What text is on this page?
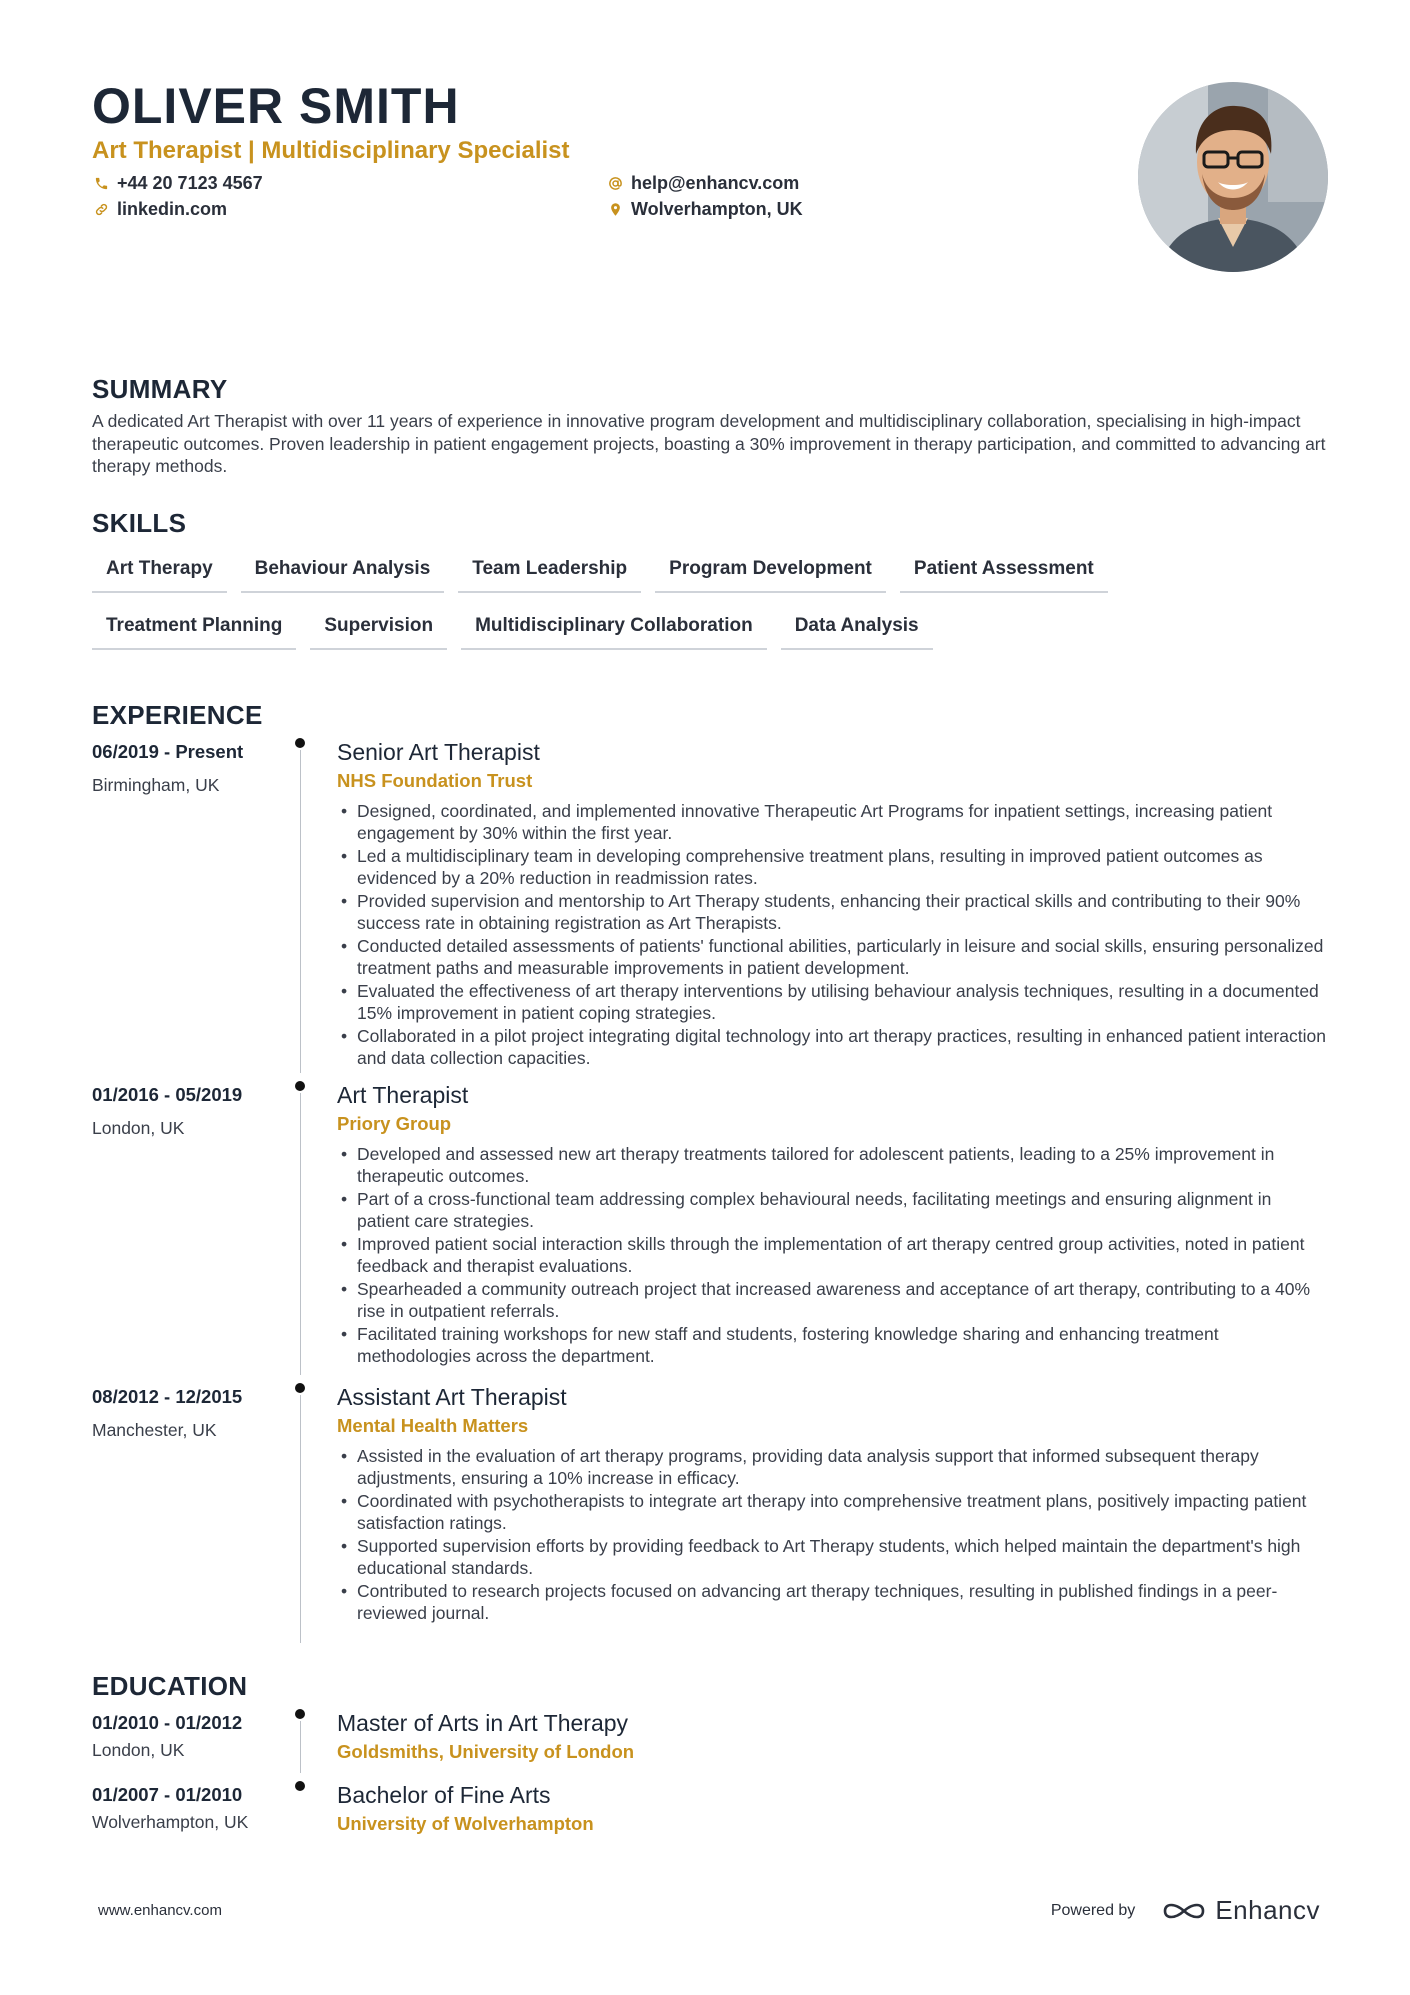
OLIVER SMITH
Art Therapist | Multidisciplinary Specialist
+44 20 7123 4567	help@enhancv.com
linkedin.com	Wolverhampton, UK
SUMMARY
A dedicated Art Therapist with over 11 years of experience in innovative program development and multidisciplinary collaboration, specialising in high-impact therapeutic outcomes. Proven leadership in patient engagement projects, boasting a 30% improvement in therapy participation, and committed to advancing art therapy methods.
SKILLS
Art Therapy	Behaviour Analysis	Team Leadership	Program Development	Patient Assessment
Treatment Planning	Supervision	Multidisciplinary Collaboration	Data Analysis
EXPERIENCE
06/2019 - Present
Birmingham, UK
Senior Art Therapist
NHS Foundation Trust
• Designed, coordinated, and implemented innovative Therapeutic Art Programs for inpatient settings, increasing patient engagement by 30% within the first year.
• Led a multidisciplinary team in developing comprehensive treatment plans, resulting in improved patient outcomes as evidenced by a 20% reduction in readmission rates.
• Provided supervision and mentorship to Art Therapy students, enhancing their practical skills and contributing to their 90% success rate in obtaining registration as Art Therapists.
• Conducted detailed assessments of patients' functional abilities, particularly in leisure and social skills, ensuring personalized treatment paths and measurable improvements in patient development.
• Evaluated the effectiveness of art therapy interventions by utilising behaviour analysis techniques, resulting in a documented 15% improvement in patient coping strategies.
• Collaborated in a pilot project integrating digital technology into art therapy practices, resulting in enhanced patient interaction and data collection capacities.
01/2016 - 05/2019
London, UK
Art Therapist
Priory Group
• Developed and assessed new art therapy treatments tailored for adolescent patients, leading to a 25% improvement in therapeutic outcomes.
• Part of a cross-functional team addressing complex behavioural needs, facilitating meetings and ensuring alignment in patient care strategies.
• Improved patient social interaction skills through the implementation of art therapy centred group activities, noted in patient feedback and therapist evaluations.
• Spearheaded a community outreach project that increased awareness and acceptance of art therapy, contributing to a 40% rise in outpatient referrals.
• Facilitated training workshops for new staff and students, fostering knowledge sharing and enhancing treatment methodologies across the department.
08/2012 - 12/2015
Manchester, UK
Assistant Art Therapist
Mental Health Matters
• Assisted in the evaluation of art therapy programs, providing data analysis support that informed subsequent therapy adjustments, ensuring a 10% increase in efficacy.
• Coordinated with psychotherapists to integrate art therapy into comprehensive treatment plans, positively impacting patient satisfaction ratings.
• Supported supervision efforts by providing feedback to Art Therapy students, which helped maintain the department's high educational standards.
• Contributed to research projects focused on advancing art therapy techniques, resulting in published findings in a peer-reviewed journal.
EDUCATION
01/2010 - 01/2012
London, UK
Master of Arts in Art Therapy
Goldsmiths, University of London
01/2007 - 01/2010
Wolverhampton, UK
Bachelor of Fine Arts
University of Wolverhampton
www.enhancv.com	Powered by	Enhancv
